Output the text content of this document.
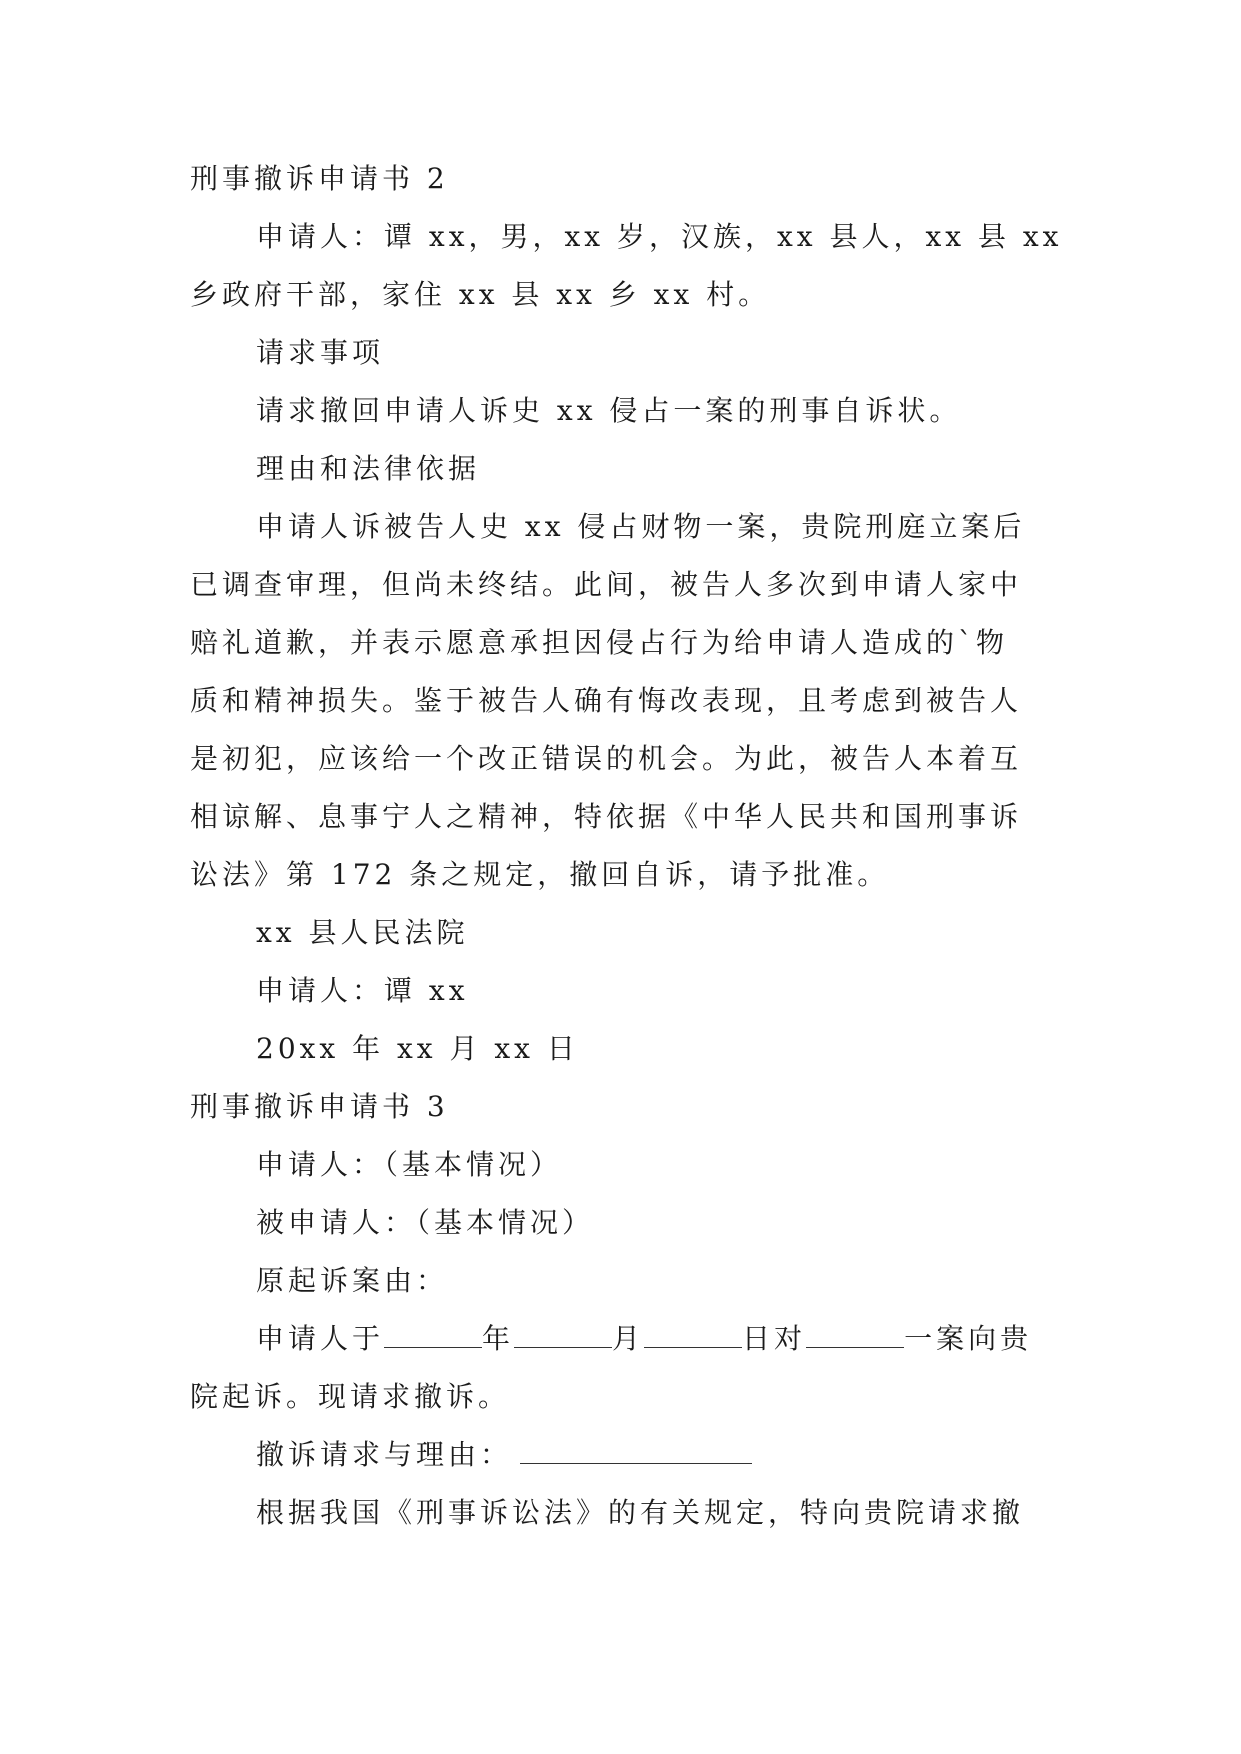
刑事撤诉申请书 2
申请人：谭 xx，男，xx 岁，汉族，xx 县人，xx 县 xx
乡政府干部，家住 xx 县 xx 乡 xx 村。
请求事项
请求撤回申请人诉史 xx 侵占一案的刑事自诉状。
理由和法律依据
申请人诉被告人史 xx 侵占财物一案，贵院刑庭立案后
已调查审理，但尚未终结。此间，被告人多次到申请人家中
赔礼道歉，并表示愿意承担因侵占行为给申请人造成的`物
质和精神损失。鉴于被告人确有悔改表现，且考虑到被告人
是初犯，应该给一个改正错误的机会。为此，被告人本着互
相谅解、息事宁人之精神，特依据《中华人民共和国刑事诉
讼法》第 172 条之规定，撤回自诉，请予批准。
xx 县人民法院
申请人：谭 xx
20xx 年 xx 月 xx 日
刑事撤诉申请书 3
申请人：（基本情况）
被申请人：（基本情况）
原起诉案由：
申请人于	年	月	日对	一案向贵
院起诉。现请求撤诉。
撤诉请求与理由：
根据我国《刑事诉讼法》的有关规定，特向贵院请求撤
